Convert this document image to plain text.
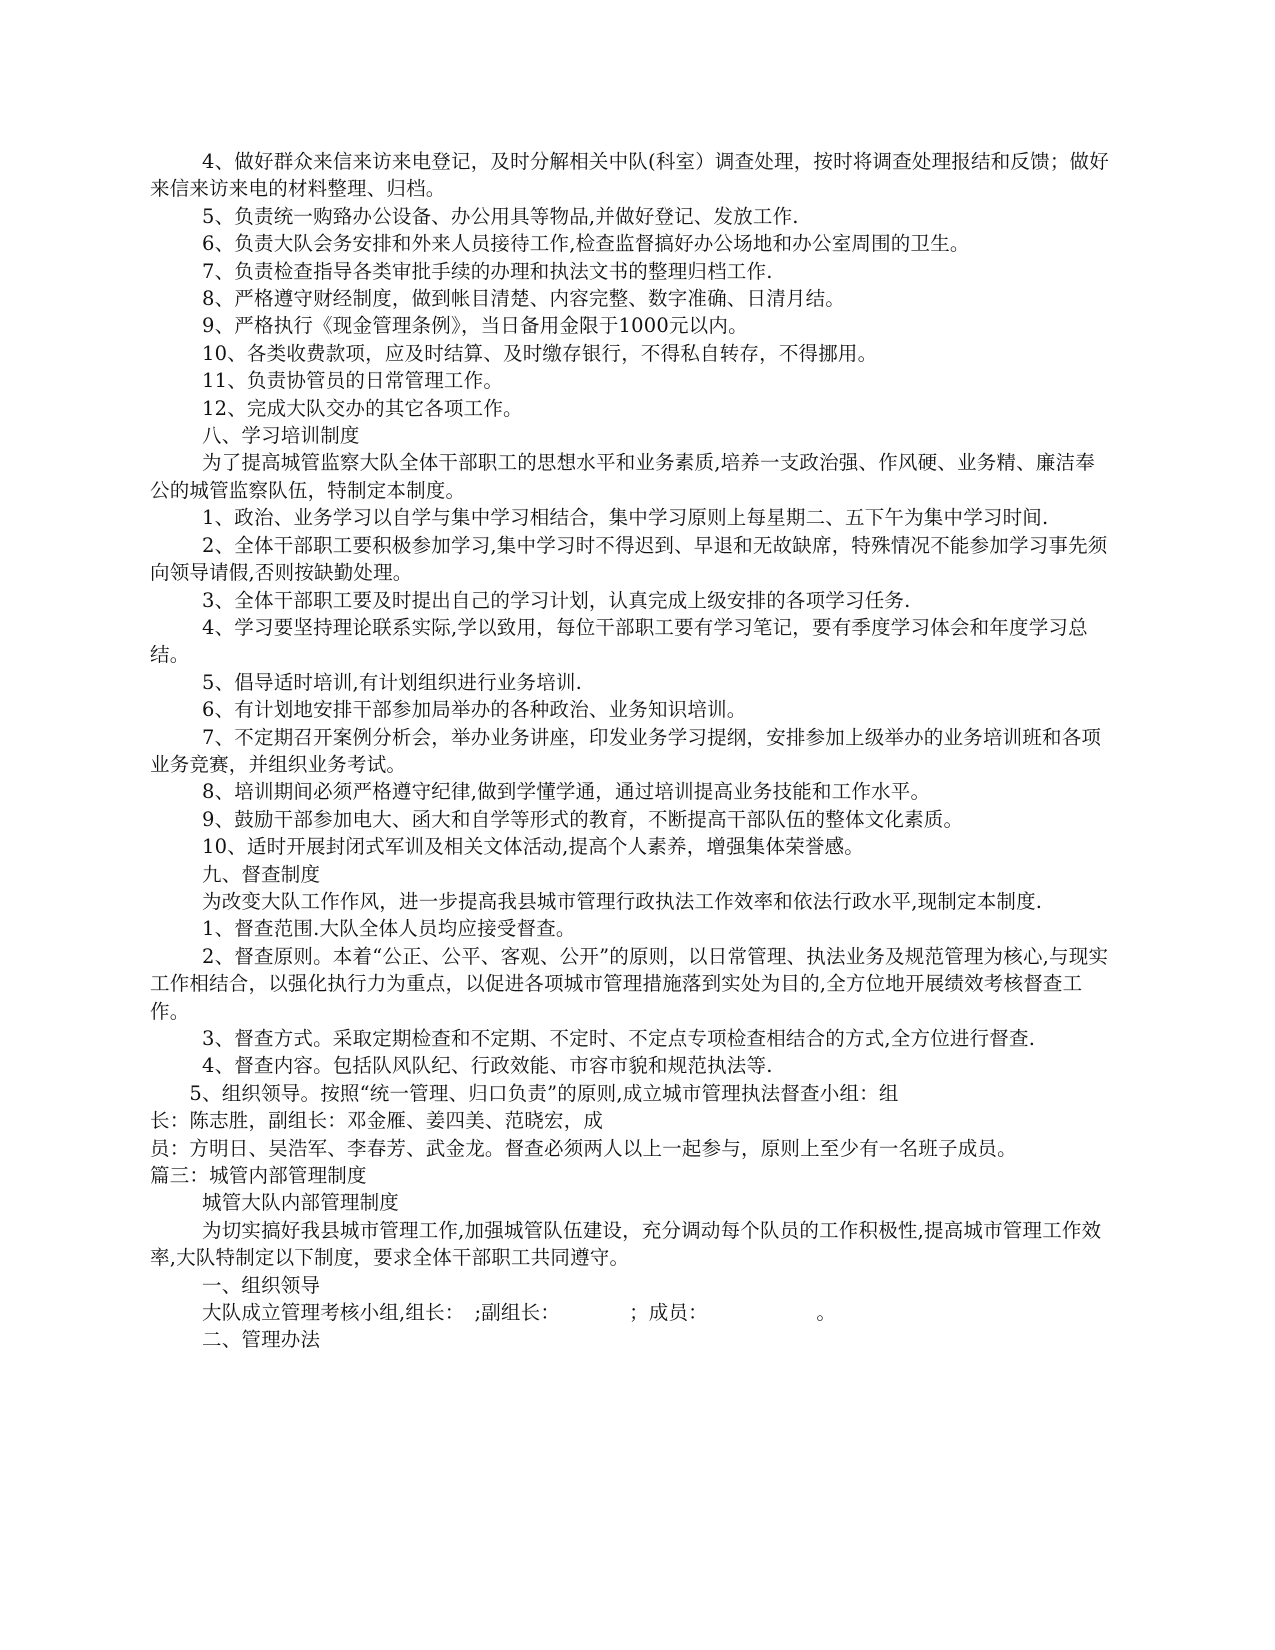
4、做好群众来信来访来电登记，及时分解相关中队(科室）调查处理，按时将调查处理报结和反馈；做好来信来访来电的材料整理、归档。

5、负责统一购臵办公设备、办公用具等物品,并做好登记、发放工作.

6、负责大队会务安排和外来人员接待工作,检查监督搞好办公场地和办公室周围的卫生。

7、负责检查指导各类审批手续的办理和执法文书的整理归档工作.

8、严格遵守财经制度，做到帐目清楚、内容完整、数字准确、日清月结。

9、严格执行《现金管理条例》，当日备用金限于1000元以内。

10、各类收费款项，应及时结算、及时缴存银行，不得私自转存，不得挪用。

11、负责协管员的日常管理工作。

12、完成大队交办的其它各项工作。

八、学习培训制度

为了提高城管监察大队全体干部职工的思想水平和业务素质,培养一支政治强、作风硬、业务精、廉洁奉公的城管监察队伍，特制定本制度。

1、政治、业务学习以自学与集中学习相结合，集中学习原则上每星期二、五下午为集中学习时间.

2、全体干部职工要积极参加学习,集中学习时不得迟到、早退和无故缺席，特殊情况不能参加学习事先须向领导请假,否则按缺勤处理。

3、全体干部职工要及时提出自己的学习计划，认真完成上级安排的各项学习任务.

4、学习要坚持理论联系实际,学以致用，每位干部职工要有学习笔记，要有季度学习体会和年度学习总结。

5、倡导适时培训,有计划组织进行业务培训.

6、有计划地安排干部参加局举办的各种政治、业务知识培训。

7、不定期召开案例分析会，举办业务讲座，印发业务学习提纲，安排参加上级举办的业务培训班和各项业务竞赛，并组织业务考试。

8、培训期间必须严格遵守纪律,做到学懂学通，通过培训提高业务技能和工作水平。

9、鼓励干部参加电大、函大和自学等形式的教育，不断提高干部队伍的整体文化素质。

10、适时开展封闭式军训及相关文体活动,提高个人素养，增强集体荣誉感。

九、督查制度

为改变大队工作作风，进一步提高我县城市管理行政执法工作效率和依法行政水平,现制定本制度.

1、督查范围.大队全体人员均应接受督查。

2、督查原则。本着“公正、公平、客观、公开”的原则，以日常管理、执法业务及规范管理为核心,与现实工作相结合，以强化执行力为重点，以促进各项城市管理措施落到实处为目的,全方位地开展绩效考核督查工作。

3、督查方式。采取定期检查和不定期、不定时、不定点专项检查相结合的方式,全方位进行督查.

4、督查内容。包括队风队纪、行政效能、市容市貌和规范执法等.

　　5、组织领导。按照“统一管理、归口负责”的原则,成立城市管理执法督查小组：组
长：陈志胜，副组长：邓金雁、姜四美、范晓宏，成
员：方明日、吴浩军、李春芳、武金龙。督查必须两人以上一起参与，原则上至少有一名班子成员。

篇三：城管内部管理制度

城管大队内部管理制度

为切实搞好我县城市管理工作,加强城管队伍建设，充分调动每个队员的工作积极性,提高城市管理工作效率,大队特制定以下制度，要求全体干部职工共同遵守。

一、组织领导

大队成立管理考核小组,组长：　;副组长：　　　　；成员：　　　　　　。

二、管理办法
